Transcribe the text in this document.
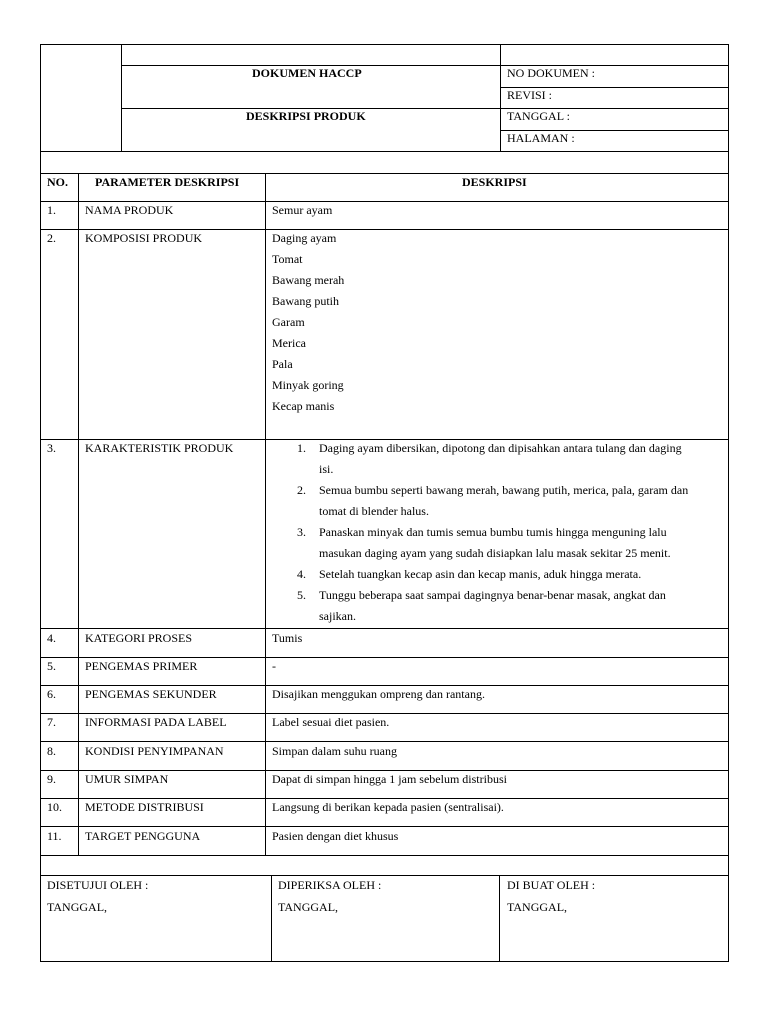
DOKUMEN HACCP
DESKRIPSI PRODUK
NO DOKUMEN :
REVISI :
TANGGAL :
HALAMAN :
NO. PARAMETER DESKRIPSI	DESKRIPSI
1. NAMA PRODUK	Semur ayam
2. KOMPOSISI PRODUK	Daging ayam
Tomat
Bawang merah
Bawang putih
Garam
Merica
Pala
Minyak goring
Kecap manis
3. KARAKTERISTIK PRODUK	1. Daging ayam dibersikan, dipotong dan dipisahkan antara tulang dan daging
isi.
2. Semua bumbu seperti bawang merah, bawang putih, merica, pala, garam dan
tomat di blender halus.
3. Panaskan minyak dan tumis semua bumbu tumis hingga menguning lalu
masukan daging ayam yang sudah disiapkan lalu masak sekitar 25 menit.
4. Setelah tuangkan kecap asin dan kecap manis, aduk hingga merata.
5. Tunggu beberapa saat sampai dagingnya benar-benar masak, angkat dan
sajikan.
4. KATEGORI PROSES	Tumis
5. PENGEMAS PRIMER	-
6. PENGEMAS SEKUNDER	Disajikan menggukan ompreng dan rantang.
7. INFORMASI PADA LABEL	Label sesuai diet pasien.
8. KONDISI PENYIMPANAN	Simpan dalam suhu ruang
9. UMUR SIMPAN	Dapat di simpan hingga 1 jam sebelum distribusi
10. METODE DISTRIBUSI	Langsung di berikan kepada pasien (sentralisai).
11. TARGET PENGGUNA	Pasien dengan diet khusus
DISETUJUI OLEH :
TANGGAL,
DIPERIKSA OLEH :
TANGGAL,
DI BUAT OLEH :
TANGGAL,
